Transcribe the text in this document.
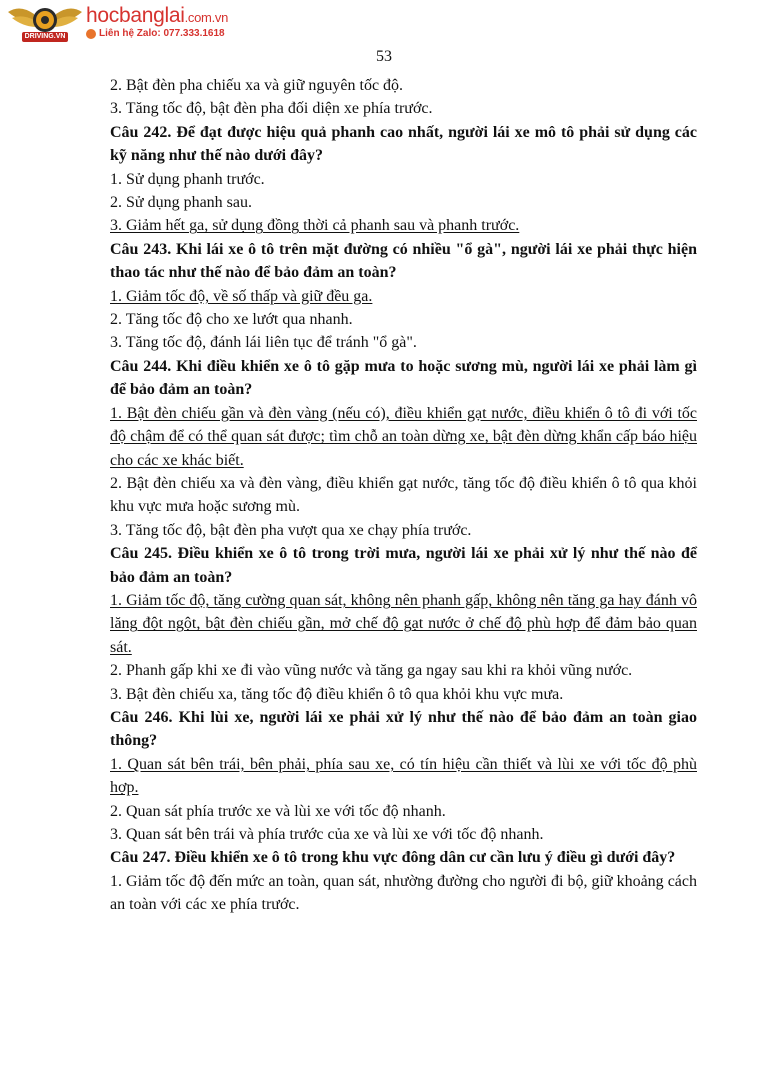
DRIVING.VN
hocbanglai.com.vn
Liên hệ Zalo: 077.333.1618
53

2. Bật đèn pha chiếu xa và giữ nguyên tốc độ.

3. Tăng tốc độ, bật đèn pha đối diện xe phía trước.

Câu 242. Để đạt được hiệu quả phanh cao nhất, người lái xe mô tô phải sử dụng các kỹ năng như thế nào dưới đây?

1. Sử dụng phanh trước.

2. Sử dụng phanh sau.

3. Giảm hết ga, sử dụng đồng thời cả phanh sau và phanh trước.

Câu 243. Khi lái xe ô tô trên mặt đường có nhiều "ổ gà", người lái xe phải thực hiện thao tác như thế nào để bảo đảm an toàn?

1. Giảm tốc độ, về số thấp và giữ đều ga.

2. Tăng tốc độ cho xe lướt qua nhanh.

3. Tăng tốc độ, đánh lái liên tục để tránh "ổ gà".

Câu 244. Khi điều khiển xe ô tô gặp mưa to hoặc sương mù, người lái xe phải làm gì để bảo đảm an toàn?

1. Bật đèn chiếu gần và đèn vàng (nếu có), điều khiển gạt nước, điều khiển ô tô đi với tốc độ chậm để có thể quan sát được; tìm chỗ an toàn dừng xe, bật đèn dừng khẩn cấp báo hiệu cho các xe khác biết.

2. Bật đèn chiếu xa và đèn vàng, điều khiển gạt nước, tăng tốc độ điều khiển ô tô qua khỏi khu vực mưa hoặc sương mù.

3. Tăng tốc độ, bật đèn pha vượt qua xe chạy phía trước.

Câu 245. Điều khiển xe ô tô trong trời mưa, người lái xe phải xử lý như thế nào để bảo đảm an toàn?

1. Giảm tốc độ, tăng cường quan sát, không nên phanh gấp, không nên tăng ga hay đánh vô lăng đột ngột, bật đèn chiếu gần, mở chế độ gạt nước ở chế độ phù hợp để đảm bảo quan sát.

2. Phanh gấp khi xe đi vào vũng nước và tăng ga ngay sau khi ra khỏi vũng nước.

3. Bật đèn chiếu xa, tăng tốc độ điều khiển ô tô qua khỏi khu vực mưa.

Câu 246. Khi lùi xe, người lái xe phải xử lý như thế nào để bảo đảm an toàn giao thông?

1. Quan sát bên trái, bên phải, phía sau xe, có tín hiệu cần thiết và lùi xe với tốc độ phù hợp.

2. Quan sát phía trước xe và lùi xe với tốc độ nhanh.

3. Quan sát bên trái và phía trước của xe và lùi xe với tốc độ nhanh.

Câu 247. Điều khiển xe ô tô trong khu vực đông dân cư cần lưu ý điều gì dưới đây?

1. Giảm tốc độ đến mức an toàn, quan sát, nhường đường cho người đi bộ, giữ khoảng cách an toàn với các xe phía trước.
